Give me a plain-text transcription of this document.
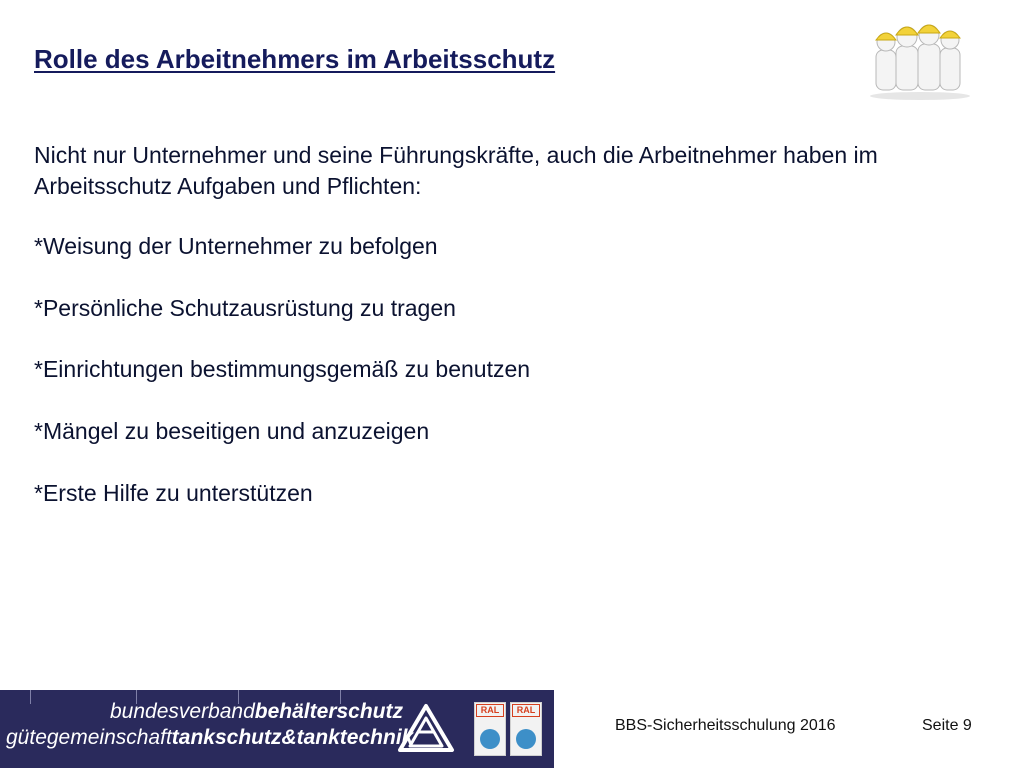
Rolle des Arbeitnehmers im Arbeitsschutz
Nicht nur Unternehmer und seine Führungskräfte, auch die Arbeitnehmer haben im
Arbeitsschutz Aufgaben und Pflichten:
*Weisung der Unternehmer zu befolgen
*Persönliche Schutzausrüstung zu tragen
*Einrichtungen bestimmungsgemäß zu benutzen
*Mängel zu beseitigen und anzuzeigen
*Erste Hilfe zu unterstützen
bundesverbandbehälterschutz
gütegemeinschafttankschutz&tanktechnik
RAL	RAL
BBS-Sicherheitsschulung 2016	Seite 9
